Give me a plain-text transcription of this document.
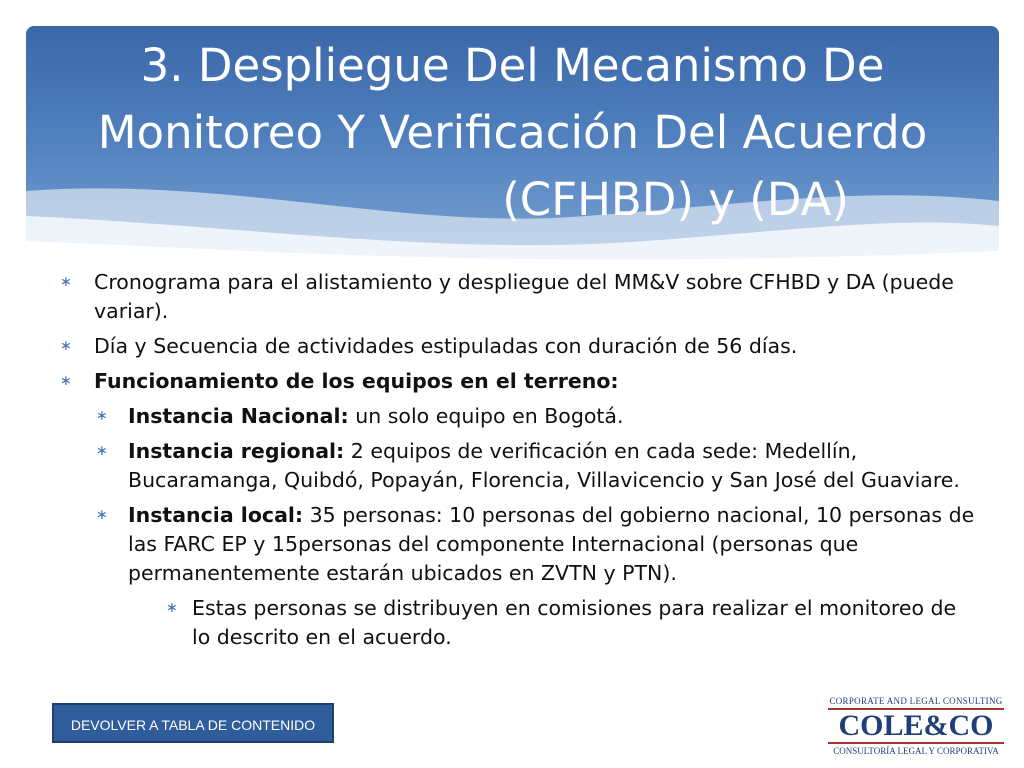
3. Despliegue Del Mecanismo De
Monitoreo Y Verificación Del Acuerdo
(CFHBD) y (DA)
∗ Cronograma para el alistamiento y despliegue del MM&V sobre CFHBD y DA (puede variar).
∗ Día y Secuencia de actividades estipuladas con duración de 56 días.
∗ Funcionamiento de los equipos en el terreno:
∗ Instancia Nacional: un solo equipo en Bogotá.
∗ Instancia regional: 2 equipos de verificación en cada sede: Medellín, Bucaramanga, Quibdó, Popayán, Florencia, Villavicencio y San José del Guaviare.
∗ Instancia local: 35 personas: 10 personas del gobierno nacional, 10 personas de las FARC EP y 15personas del componente Internacional (personas que permanentemente estarán ubicados en ZVTN y PTN).
∗ Estas personas se distribuyen en comisiones para realizar el monitoreo de lo descrito en el acuerdo.
DEVOLVER A TABLA DE CONTENIDO
CORPORATE AND LEGAL CONSULTING
COLE&CO
CONSULTORÍA LEGAL Y CORPORATIVA
